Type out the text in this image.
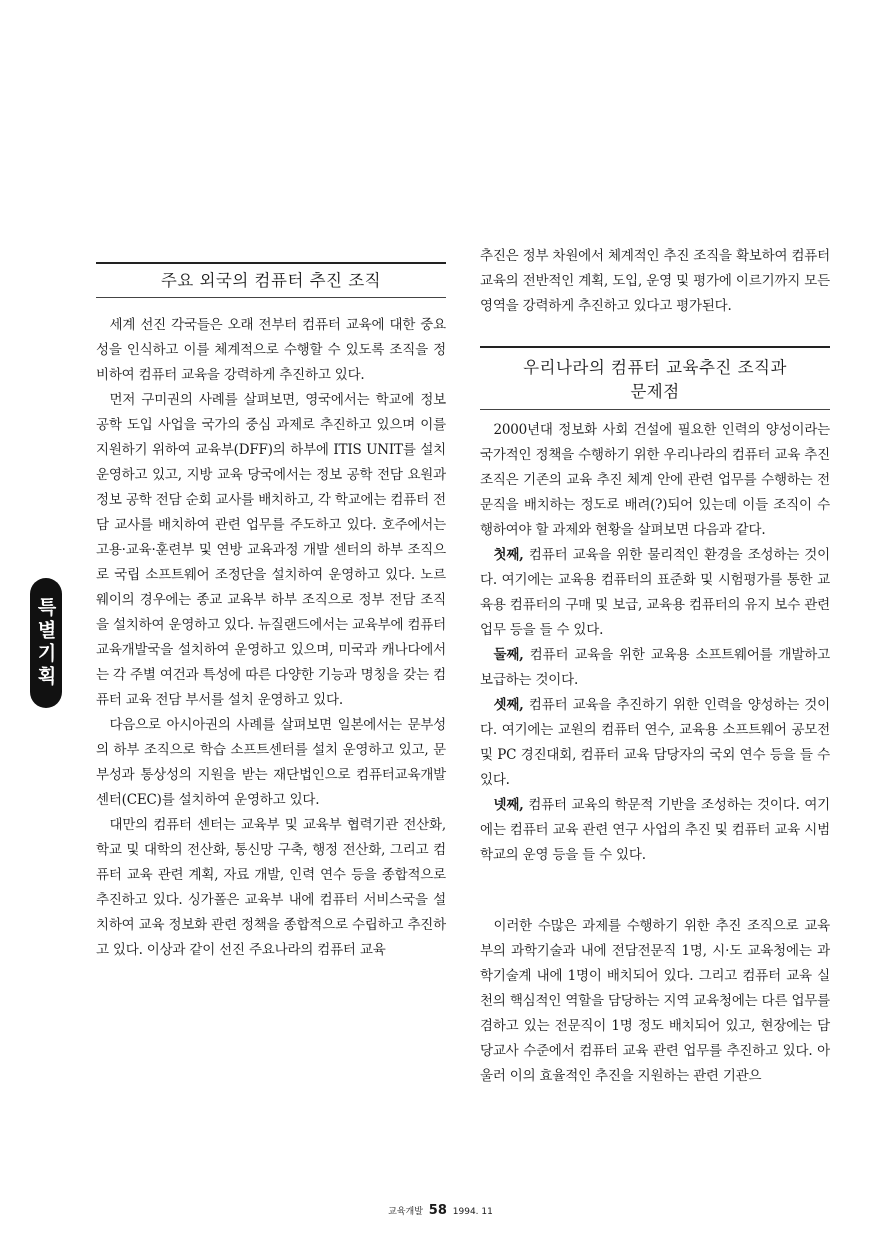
주요 외국의 컴퓨터 추진 조직

세계 선진 각국들은 오래 전부터 컴퓨터 교육에 대한 중요성을 인식하고 이를 체계적으로 수행할 수 있도록 조직을 정비하여 컴퓨터 교육을 강력하게 추진하고 있다.

먼저 구미권의 사례를 살펴보면, 영국에서는 학교에 정보 공학 도입 사업을 국가의 중심 과제로 추진하고 있으며 이를 지원하기 위하여 교육부(DFF)의 하부에 ITIS UNIT를 설치 운영하고 있고, 지방 교육 당국에서는 정보 공학 전담 요원과 정보 공학 전담 순회 교사를 배치하고, 각 학교에는 컴퓨터 전담 교사를 배치하여 관련 업무를 주도하고 있다. 호주에서는 고용·교육·훈련부 및 연방 교육과정 개발 센터의 하부 조직으로 국립 소프트웨어 조정단을 설치하여 운영하고 있다. 노르웨이의 경우에는 종교 교육부 하부 조직으로 정부 전담 조직을 설치하여 운영하고 있다. 뉴질랜드에서는 교육부에 컴퓨터교육개발국을 설치하여 운영하고 있으며, 미국과 캐나다에서는 각 주별 여건과 특성에 따른 다양한 기능과 명칭을 갖는 컴퓨터 교육 전담 부서를 설치 운영하고 있다.

다음으로 아시아권의 사례를 살펴보면 일본에서는 문부성의 하부 조직으로 학습 소프트센터를 설치 운영하고 있고, 문부성과 통상성의 지원을 받는 재단법인으로 컴퓨터교육개발 센터(CEC)를 설치하여 운영하고 있다.

대만의 컴퓨터 센터는 교육부 및 교육부 협력기관 전산화, 학교 및 대학의 전산화, 통신망 구축, 행정 전산화, 그리고 컴퓨터 교육 관련 계획, 자료 개발, 인력 연수 등을 종합적으로 추진하고 있다. 싱가폴은 교육부 내에 컴퓨터 서비스국을 설치하여 교육 정보화 관련 정책을 종합적으로 수립하고 추진하고 있다. 이상과 같이 선진 주요나라의 컴퓨터 교육

특별기획

추진은 정부 차원에서 체계적인 추진 조직을 확보하여 컴퓨터 교육의 전반적인 계획, 도입, 운영 및 평가에 이르기까지 모든 영역을 강력하게 추진하고 있다고 평가된다.

우리나라의 컴퓨터 교육추진 조직과
문제점

2000년대 정보화 사회 건설에 필요한 인력의 양성이라는 국가적인 정책을 수행하기 위한 우리나라의 컴퓨터 교육 추진 조직은 기존의 교육 추진 체계 안에 관련 업무를 수행하는 전문직을 배치하는 정도로 배려(?)되어 있는데 이들 조직이 수행하여야 할 과제와 현황을 살펴보면 다음과 같다.

첫째, 컴퓨터 교육을 위한 물리적인 환경을 조성하는 것이다. 여기에는 교육용 컴퓨터의 표준화 및 시험평가를 통한 교육용 컴퓨터의 구매 및 보급, 교육용 컴퓨터의 유지 보수 관련 업무 등을 들 수 있다.

둘째, 컴퓨터 교육을 위한 교육용 소프트웨어를 개발하고 보급하는 것이다.

셋째, 컴퓨터 교육을 추진하기 위한 인력을 양성하는 것이다. 여기에는 교원의 컴퓨터 연수, 교육용 소프트웨어 공모전 및 PC 경진대회, 컴퓨터 교육 담당자의 국외 연수 등을 들 수 있다.

넷째, 컴퓨터 교육의 학문적 기반을 조성하는 것이다. 여기에는 컴퓨터 교육 관련 연구 사업의 추진 및 컴퓨터 교육 시범학교의 운영 등을 들 수 있다.

이러한 수많은 과제를 수행하기 위한 추진 조직으로 교육부의 과학기술과 내에 전담전문직 1명, 시·도 교육청에는 과학기술계 내에 1명이 배치되어 있다. 그리고 컴퓨터 교육 실천의 핵심적인 역할을 담당하는 지역 교육청에는 다른 업무를 겸하고 있는 전문직이 1명 정도 배치되어 있고, 현장에는 담당교사 수준에서 컴퓨터 교육 관련 업무를 추진하고 있다. 아울러 이의 효율적인 추진을 지원하는 관련 기관으

교육개발 58 1994. 11
